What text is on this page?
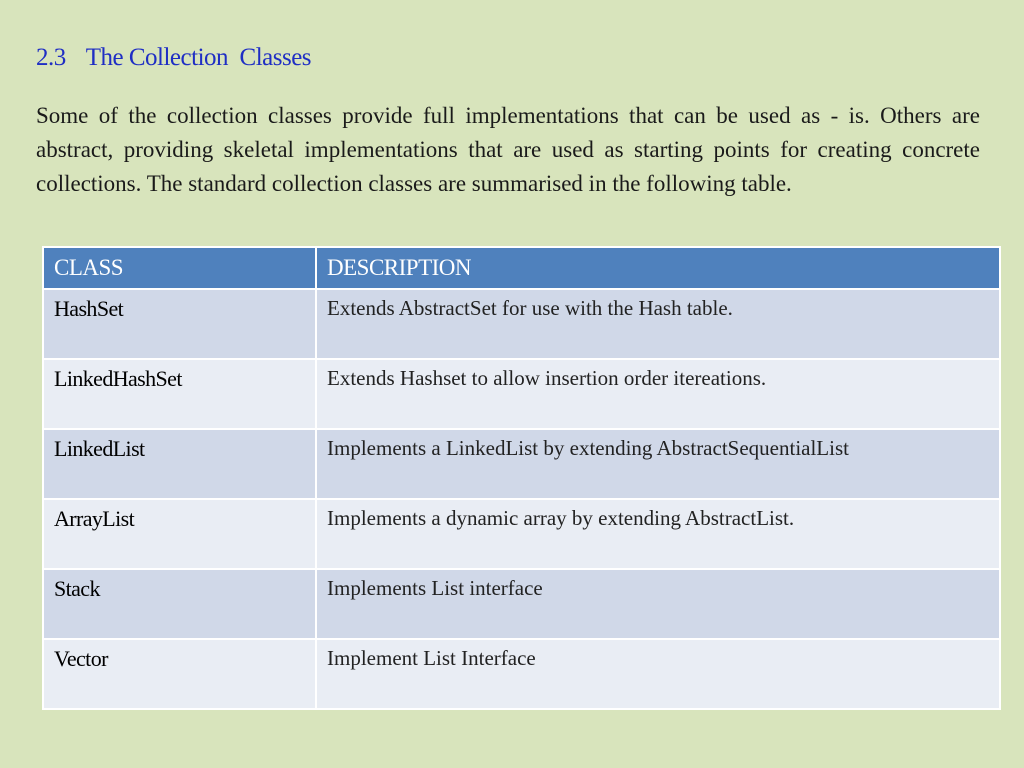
2.3 The Collection  Classes
Some of the collection classes provide full implementations that can be used as - is. Others are abstract, providing skeletal implementations that are used as starting points for creating concrete collections. The standard collection classes are summarised in the following table.
CLASS	DESCRIPTION
HashSet	Extends AbstractSet for use with the Hash table.
LinkedHashSet	Extends Hashset to allow insertion order itereations.
LinkedList	Implements a LinkedList by extending AbstractSequentialList
ArrayList	Implements a dynamic array by extending AbstractList.
Stack	Implements List interface
Vector	Implement List Interface
